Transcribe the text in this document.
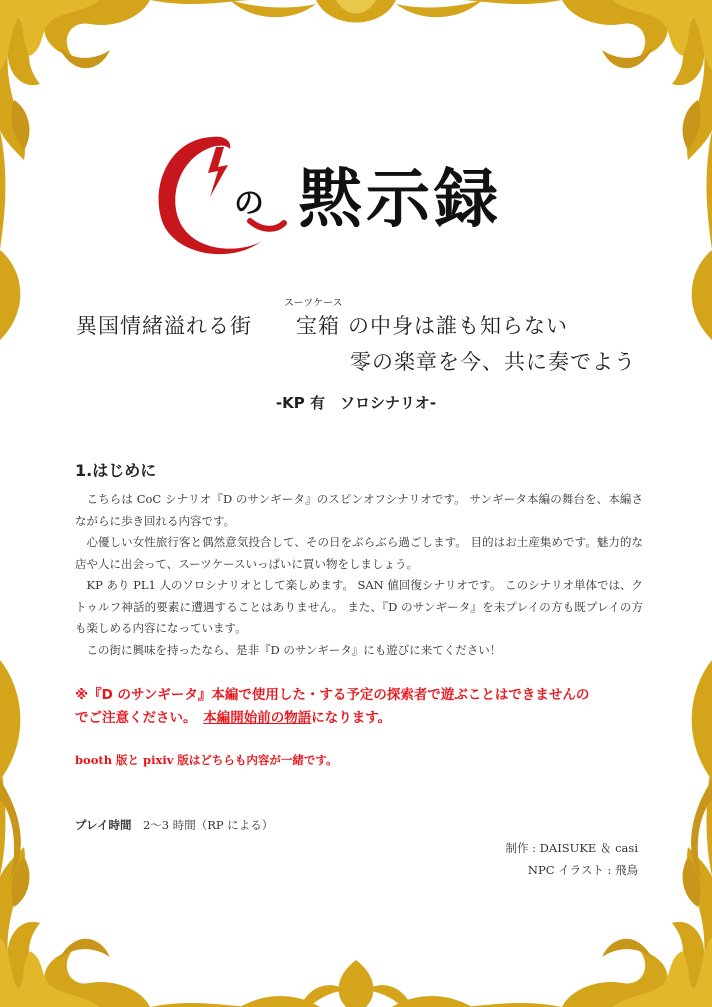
の 黙示録
異国情緒溢れる街
スーツケース
宝箱 の中身は誰も知らない
零の楽章を今、共に奏でよう
-KP 有　ソロシナリオ-
1.はじめに

こちらは CoC シナリオ『D のサンギータ』のスピンオフシナリオです。 サンギータ本編の舞台を、本編さながらに歩き回れる内容です。

心優しい女性旅行客と偶然意気投合して、その日をぶらぶら過ごします。 目的はお土産集めです。魅力的な店や人に出会って、スーツケースいっぱいに買い物をしましょう。

KP あり PL1 人のソロシナリオとして楽しめます。 SAN 値回復シナリオです。 このシナリオ単体では、クトゥルフ神話的要素に遭遇することはありません。 また、『D のサンギータ』を未プレイの方も既プレイの方も楽しめる内容になっています。

この街に興味を持ったなら、是非『D のサンギータ』にも遊びに来てください！

※『D のサンギータ』本編で使用した・する予定の探索者で遊ぶことはできませんの
でご注意ください。　 本編開始前の物語になります。
booth 版と pixiv 版はどちらも内容が一緒です。
プレイ時間　 2〜3 時間（RP による）
制作 : DAISUKE ＆ casi
NPC イラスト : 飛鳥
